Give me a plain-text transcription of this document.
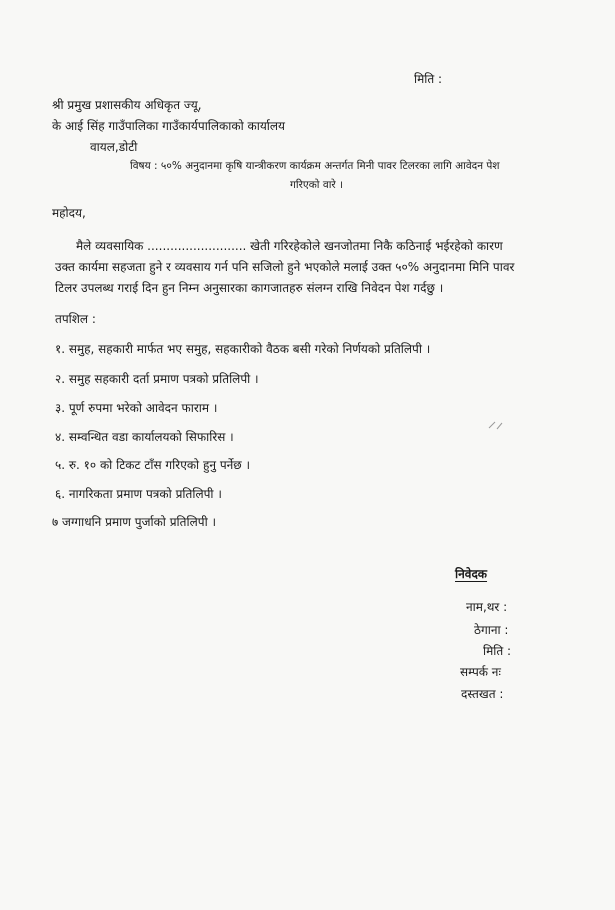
मिति :
श्री प्रमुख प्रशासकीय अधिकृत ज्यू,
के आई सिंह गाउँपालिका गाउँकार्यपालिकाको कार्यालय
वायल,डोटी
विषय : ५०% अनुदानमा कृषि यान्त्रीकरण कार्यक्रम अन्तर्गत मिनी पावर टिलरका लागि आवेदन पेश
गरिएको वारे ।
महोदय,
मैले व्यवसायिक .......................... खेती गरिरहेकोले खनजोतमा निकै कठिनाई भईरहेको कारण
उक्त कार्यमा सहजता हुने र व्यवसाय गर्न पनि सजिलो हुने भएकोले मलाई उक्त ५०% अनुदानमा मिनि पावर
टिलर उपलब्ध गराई दिन हुन निम्न अनुसारका कागजातहरु संलग्न राखि निवेदन पेश गर्दछु ।
तपशिल :
१. समुह, सहकारी मार्फत भए समुह, सहकारीको वैठक बसी गरेको निर्णयको प्रतिलिपी ।
२. समुह सहकारी दर्ता प्रमाण पत्रको प्रतिलिपी ।
३. पूर्ण रुपमा भरेको आवेदन फाराम ।
४. सम्वन्धित वडा कार्यालयको सिफारिस ।
५. रु. १० को टिकट टाँस गरिएको हुनु पर्नेछ ।
६. नागरिकता प्रमाण पत्रको प्रतिलिपी ।
७ जग्गाधनि प्रमाण पुर्जाको प्रतिलिपी ।
निवेदक
नाम,थर :
ठेगाना :
मिति :
सम्पर्क नः
दस्तखत :
